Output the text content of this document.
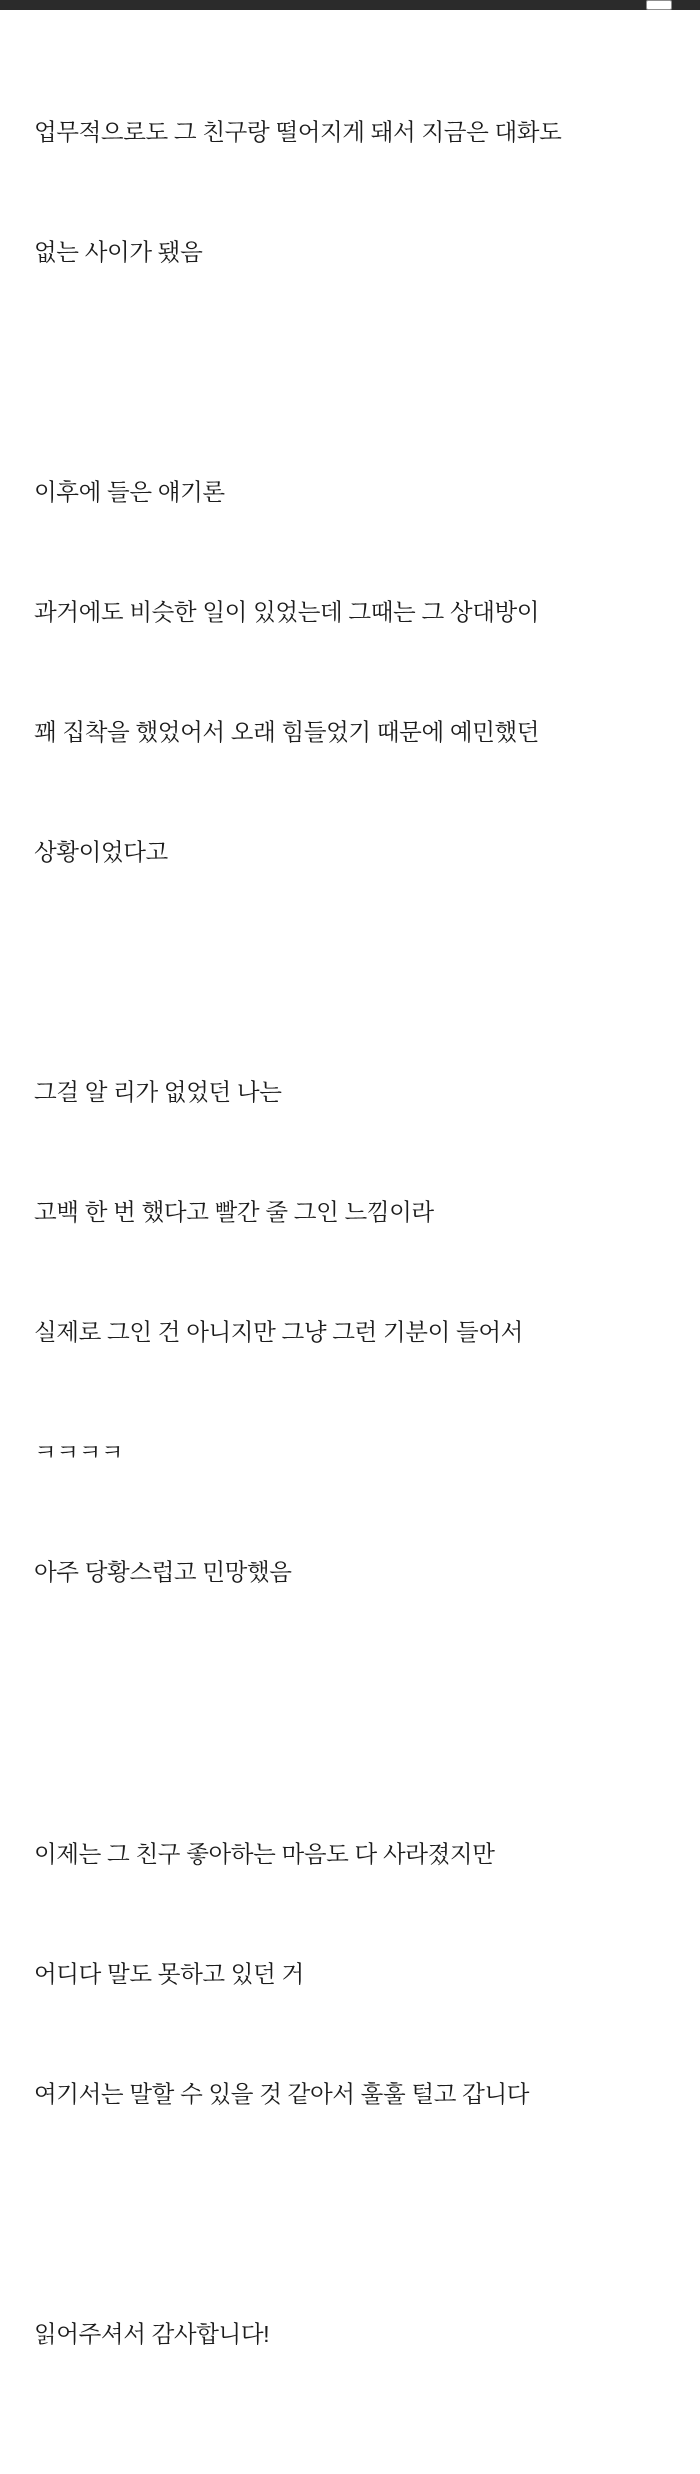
업무적으로도 그 친구랑 떨어지게 돼서 지금은 대화도

없는 사이가 됐음

이후에 들은 얘기론

과거에도 비슷한 일이 있었는데 그때는 그 상대방이

꽤 집착을 했었어서 오래 힘들었기 때문에 예민했던

상황이었다고

그걸 알 리가 없었던 나는

고백 한 번 했다고 빨간 줄 그인 느낌이라

실제로 그인 건 아니지만 그냥 그런 기분이 들어서

ㅋㅋㅋㅋ

아주 당황스럽고 민망했음

이제는 그 친구 좋아하는 마음도 다 사라졌지만

어디다 말도 못하고 있던 거

여기서는 말할 수 있을 것 같아서 훌훌 털고 갑니다

읽어주셔서 감사합니다!
